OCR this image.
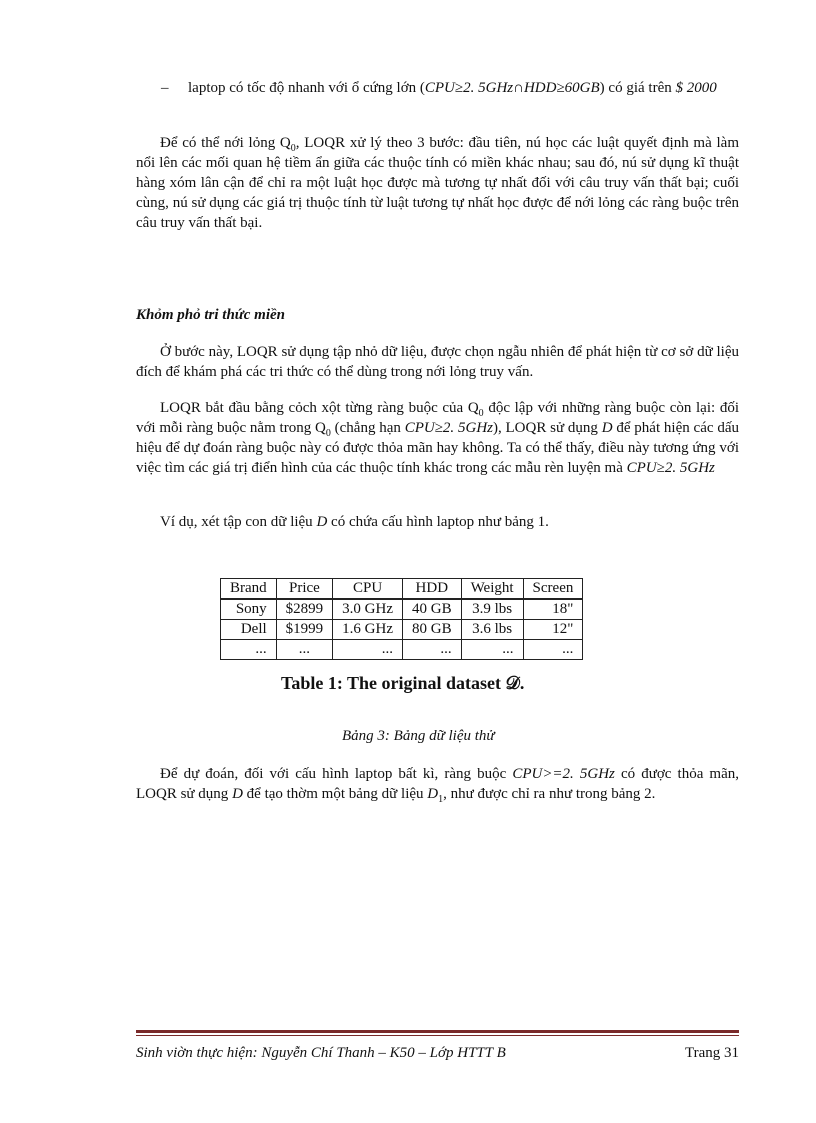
– laptop có tốc độ nhanh với ổ cứng lớn (CPU≥2. 5GHz∩HDD≥60GB) có giá trên $ 2000

Để có thể nới lỏng $Q_0$, LOQR xử lý theo 3 bước: đầu tiên, nú học các luật quyết định mà làm nổi lên các mối quan hệ tiềm ẩn giữa các thuộc tính có miền khác nhau; sau đó, nú sử dụng kĩ thuật hàng xóm lân cận để chỉ ra một luật học được mà tương tự nhất đối với câu truy vấn thất bại; cuối cùng, nú sử dụng các giá trị thuộc tính từ luật tương tự nhất học được để nới lỏng các ràng buộc trên câu truy vấn thất bại.

Khỏm phỏ tri thức miền

Ở bước này, LOQR sử dụng tập nhỏ dữ liệu, được chọn ngẫu nhiên để phát hiện từ cơ sở dữ liệu đích để khám phá các tri thức có thể dùng trong nới lỏng truy vấn.

LOQR bắt đầu bằng cỏch xột từng ràng buộc của $Q_0$ độc lập với những ràng buộc còn lại: đối với mỗi ràng buộc nằm trong $Q_0$ (chẳng hạn CPU≥2. 5GHz), LOQR sử dụng D để phát hiện các dấu hiệu để dự đoán ràng buộc này có được thỏa mãn hay không. Ta có thể thấy, điều này tương ứng với việc tìm các giá trị điển hình của các thuộc tính khác trong các mẫu rèn luyện mà CPU≥2. 5GHz

Ví dụ, xét tập con dữ liệu D có chứa cấu hình laptop như bảng 1.

Brand	Price	CPU	HDD	Weight	Screen
Sony	$2899	3.0 GHz	40 GB	3.9 lbs	18"
Dell	$1999	1.6 GHz	80 GB	3.6 lbs	12"
...	...	...	...	...	...
Table 1: The original dataset 𝒟.
Bảng 3: Bảng dữ liệu thử

Để dự đoán, đối với cấu hình laptop bất kì, ràng buộc CPU>=2. 5GHz có được thỏa mãn, LOQR sử dụng D để tạo thờm một bảng dữ liệu $D_1$, như được chỉ ra như trong bảng 2.

Sinh viờn thực hiện: Nguyễn Chí Thanh – K50 – Lớp HTTT B	Trang 31
